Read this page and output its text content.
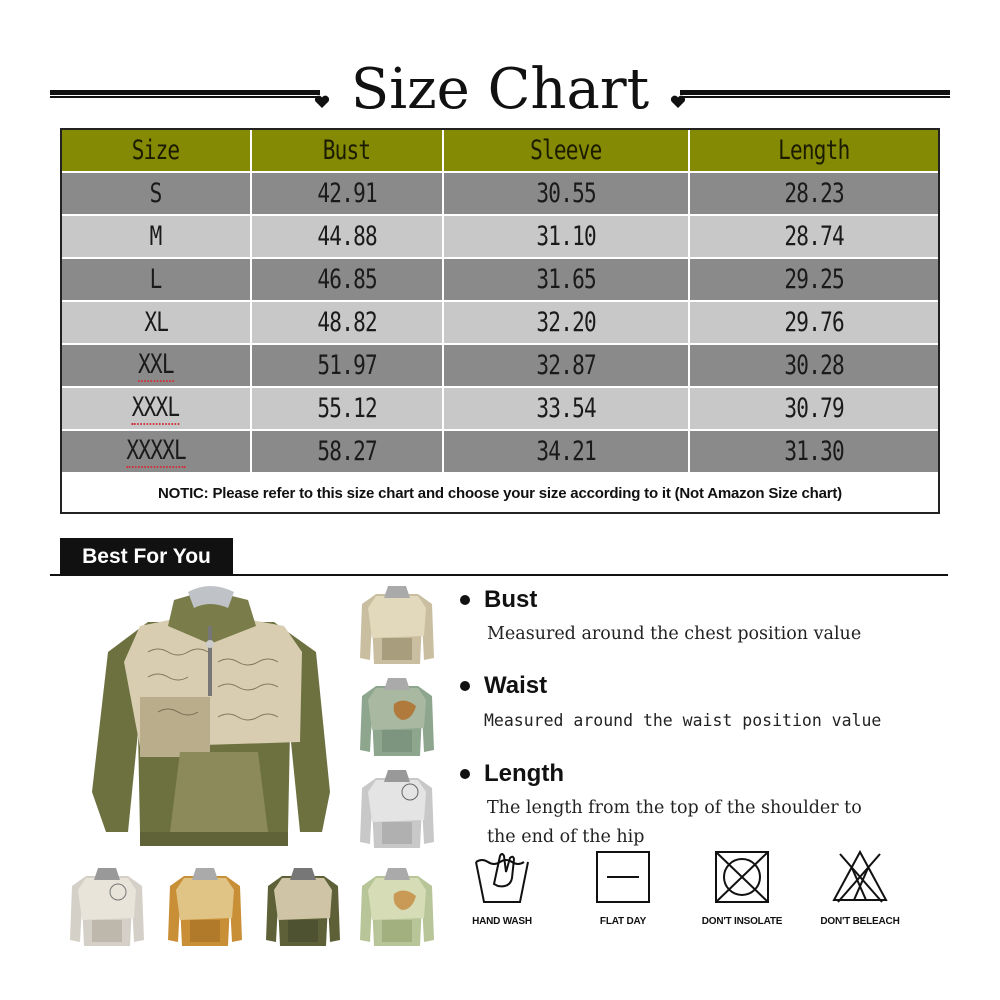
Size Chart
Size	Bust	Sleeve	Length
S	42.91	30.55	28.23
M	44.88	31.10	28.74
L	46.85	31.65	29.25
XL	48.82	32.20	29.76
XXL	51.97	32.87	30.28
XXXL	55.12	33.54	30.79
XXXXL	58.27	34.21	31.30
NOTIC: Please refer to this size chart and choose your size according to it (Not Amazon Size chart)
Best For You
Bust
Measured around the chest position value
Waist
Measured around the waist position value
Length
The length from the top of the shoulder to the end of the hip
HAND WASH	FLAT DAY	DON'T INSOLATE	DON'T BELEACH
